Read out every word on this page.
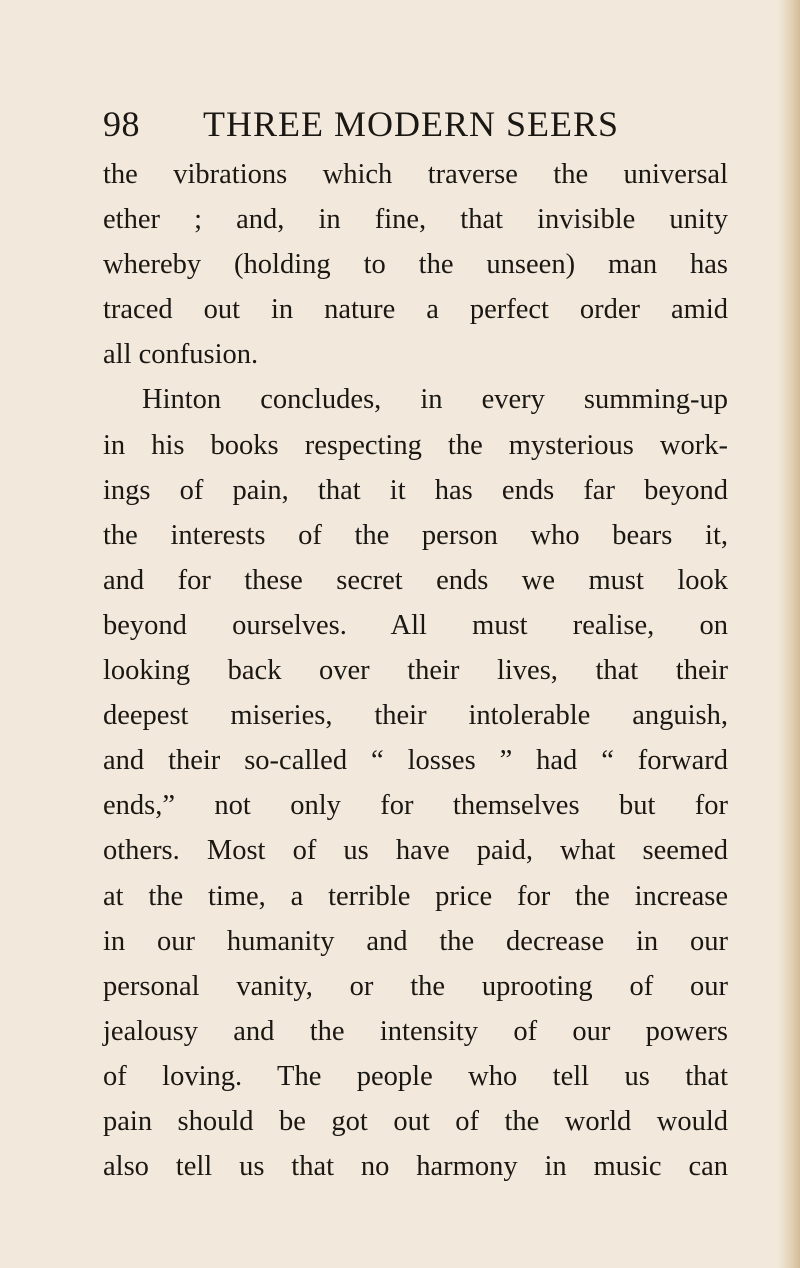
98	THREE MODERN SEERS
the vibrations which traverse the universal
ether ; and, in fine, that invisible unity
whereby (holding to the unseen) man has
traced out in nature a perfect order amid
all confusion.
Hinton concludes, in every summing-up
in his books respecting the mysterious work-
ings of pain, that it has ends far beyond
the interests of the person who bears it,
and for these secret ends we must look
beyond ourselves. All must realise, on
looking back over their lives, that their
deepest miseries, their intolerable anguish,
and their so-called “ losses ” had “ forward
ends,” not only for themselves but for
others. Most of us have paid, what seemed
at the time, a terrible price for the increase
in our humanity and the decrease in our
personal vanity, or the uprooting of our
jealousy and the intensity of our powers
of loving. The people who tell us that
pain should be got out of the world would
also tell us that no harmony in music can
